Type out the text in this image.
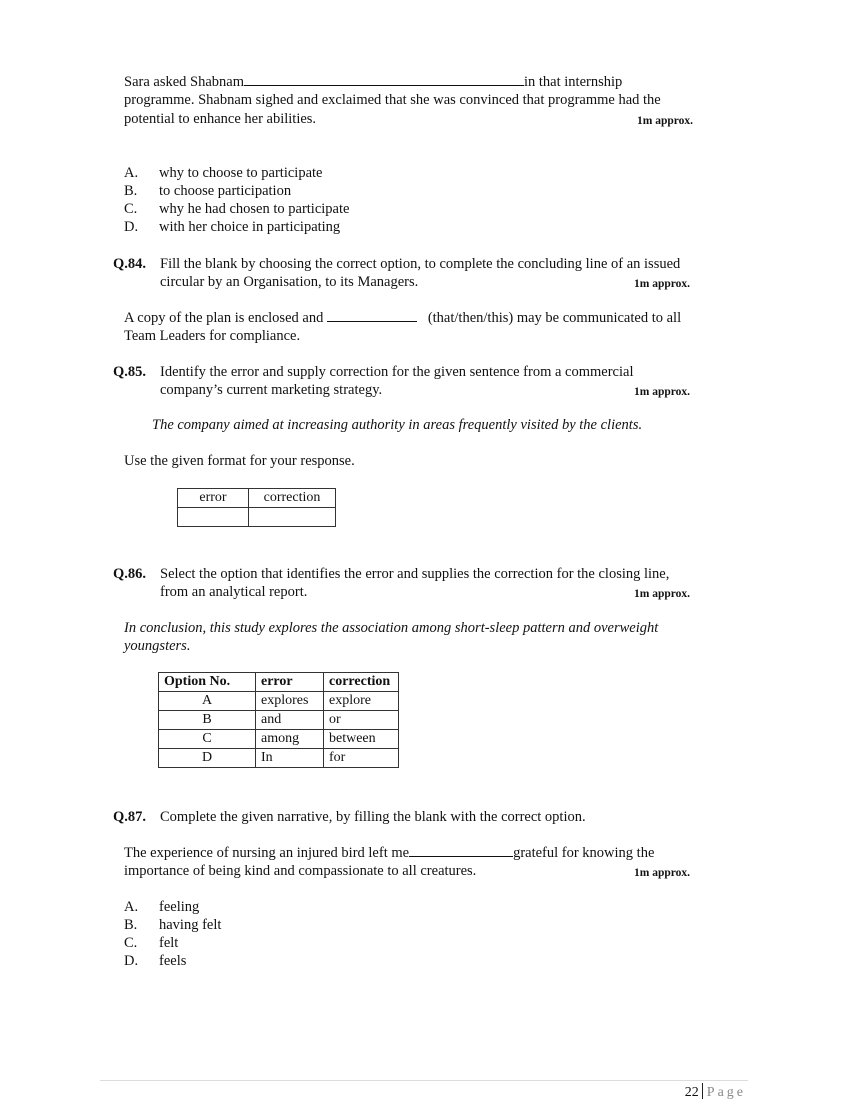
Sara asked Shabnam	in that internship
programme. Shabnam sighed and exclaimed that she was convinced that programme had the
potential to enhance her abilities.	1m approx.
A. why to choose to participate
B. to choose participation
C. why he had chosen to participate
D. with her choice in participating
Q.84. Fill the blank by choosing the correct option, to complete the concluding line of an issued
circular by an Organisation, to its Managers.	1m approx.
A copy of the plan is enclosed and	(that/then/this) may be communicated to all
Team Leaders for compliance.
Q.85. Identify the error and supply correction for the given sentence from a commercial
company’s current marketing strategy.	1m approx.
The company aimed at increasing authority in areas frequently visited by the clients.
Use the given format for your response.
error	correction

Q.86. Select the option that identifies the error and supplies the correction for the closing line,
from an analytical report.	1m approx.
In conclusion, this study explores the association among short-sleep pattern and overweight
youngsters.
Option No.	error	correction
A	explores	explore
B	and	or
C	among	between
D	In	for
Q.87. Complete the given narrative, by filling the blank with the correct option.
The experience of nursing an injured bird left me	grateful for knowing the
importance of being kind and compassionate to all creatures.	1m approx.
A. feeling
B. having felt
C. felt
D. feels
22 Page
